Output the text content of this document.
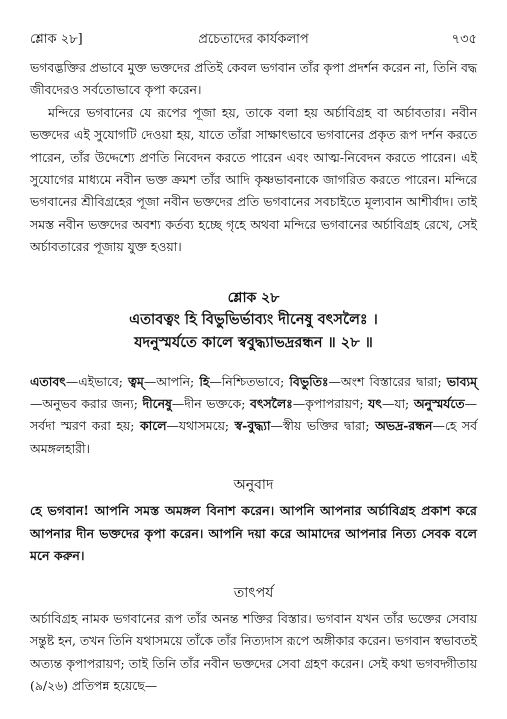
শ্লোক ২৮]	প্রচেতাদের কার্যকলাপ	৭৩৫

ভগবদ্ভক্তির প্রভাবে মুক্ত ভক্তদের প্রতিই কেবল ভগবান তাঁর কৃপা প্রদর্শন করেন না, তিনি বদ্ধ জীবদেরও সর্বতোভাবে কৃপা করেন।

মন্দিরে ভগবানের যে রূপের পূজা হয়, তাকে বলা হয় অর্চাবিগ্রহ বা অর্চাবতার। নবীন ভক্তদের এই সুযোগটি দেওয়া হয়, যাতে তাঁরা সাক্ষাৎভাবে ভগবানের প্রকৃত রূপ দর্শন করতে পারেন, তাঁর উদ্দেশ্যে প্রণতি নিবেদন করতে পারেন এবং আত্ম-নিবেদন করতে পারেন। এই সুযোগের মাধ্যমে নবীন ভক্ত ক্রমশ তাঁর আদি কৃষ্ণভাবনাকে জাগরিত করতে পারেন। মন্দিরে ভগবানের শ্রীবিগ্রহের পূজা নবীন ভক্তদের প্রতি ভগবানের সবচাইতে মূল্যবান আশীর্বাদ। তাই সমস্ত নবীন ভক্তদের অবশ্য কর্তব্য হচ্ছে গৃহে অথবা মন্দিরে ভগবানের অর্চাবিগ্রহ রেখে, সেই অর্চাবতারের পূজায় যুক্ত হওয়া।

শ্লোক ২৮
এতাবত্বং হি বিভুভির্ভাব্যং দীনেষু বৎসলৈঃ ।
যদনুস্মর্যতে কালে স্ববুদ্ধ্যাভদ্ররন্ধন ॥ ২৮ ॥

এতাবৎ—এইভাবে; ত্বম্—আপনি; হি—নিশ্চিতভাবে; বিভুতিঃ—অংশ বিস্তারের দ্বারা; ভাব্যম্—অনুভব করার জন্য; দীনেষু—দীন ভক্তকে; বৎসলৈঃ—কৃপাপরায়ণ; যৎ—যা; অনুস্মর্যতে—সর্বদা স্মরণ করা হয়; কালে—যথাসময়ে; স্ব-বুদ্ধ্যা—স্বীয় ভক্তির দ্বারা; অভদ্র-রন্ধন—হে সর্ব অমঙ্গলহারী।

অনুবাদ

হে ভগবান! আপনি সমস্ত অমঙ্গল বিনাশ করেন। আপনি আপনার অর্চাবিগ্রহ প্রকাশ করে আপনার দীন ভক্তদের কৃপা করেন। আপনি দয়া করে আমাদের আপনার নিত্য সেবক বলে মনে করুন।

তাৎপর্য

অর্চাবিগ্রহ নামক ভগবানের রূপ তাঁর অনন্ত শক্তির বিস্তার। ভগবান যখন তাঁর ভক্তের সেবায় সন্তুষ্ট হন, তখন তিনি যথাসময়ে তাঁকে তাঁর নিত্যদাস রূপে অঙ্গীকার করেন। ভগবান স্বভাবতই অত্যন্ত কৃপাপরায়ণ; তাই তিনি তাঁর নবীন ভক্তদের সেবা গ্রহণ করেন। সেই কথা ভগবদ্গীতায় (৯/২৬) প্রতিপন্ন হয়েছে—
